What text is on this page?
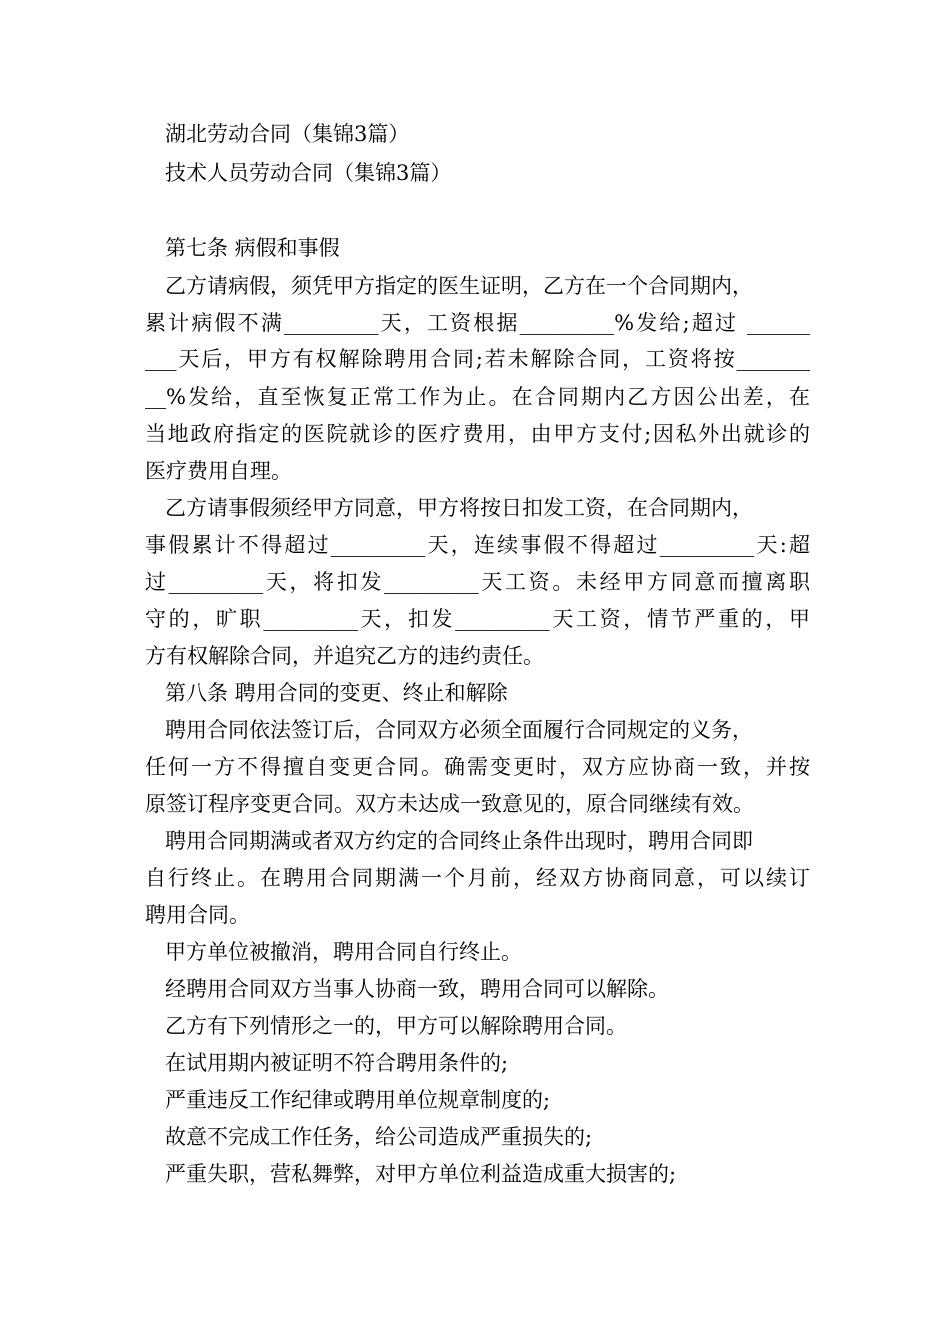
湖北劳动合同（集锦3篇）
技术人员劳动合同（集锦3篇）
第七条 病假和事假
乙方请病假，须凭甲方指定的医生证明，乙方在一个合同期内，
累计病假不满_________天，工资根据_________%发给;超过 ______
___天后，甲方有权解除聘用合同;若未解除合同，工资将按_______
__%发给，直至恢复正常工作为止。在合同期内乙方因公出差，在
当地政府指定的医院就诊的医疗费用，由甲方支付;因私外出就诊的
医疗费用自理。
乙方请事假须经甲方同意，甲方将按日扣发工资，在合同期内，
事假累计不得超过_________天，连续事假不得超过_________天:超
过_________天，将扣发_________天工资。未经甲方同意而擅离职
守的，旷职_________天，扣发_________天工资，情节严重的，甲
方有权解除合同，并追究乙方的违约责任。
第八条 聘用合同的变更、终止和解除
聘用合同依法签订后，合同双方必须全面履行合同规定的义务，
任何一方不得擅自变更合同。确需变更时，双方应协商一致，并按
原签订程序变更合同。双方未达成一致意见的，原合同继续有效。
聘用合同期满或者双方约定的合同终止条件出现时，聘用合同即
自行终止。在聘用合同期满一个月前，经双方协商同意，可以续订
聘用合同。
甲方单位被撤消，聘用合同自行终止。
经聘用合同双方当事人协商一致，聘用合同可以解除。
乙方有下列情形之一的，甲方可以解除聘用合同。
在试用期内被证明不符合聘用条件的;
严重违反工作纪律或聘用单位规章制度的;
故意不完成工作任务，给公司造成严重损失的;
严重失职，营私舞弊，对甲方单位利益造成重大损害的;
